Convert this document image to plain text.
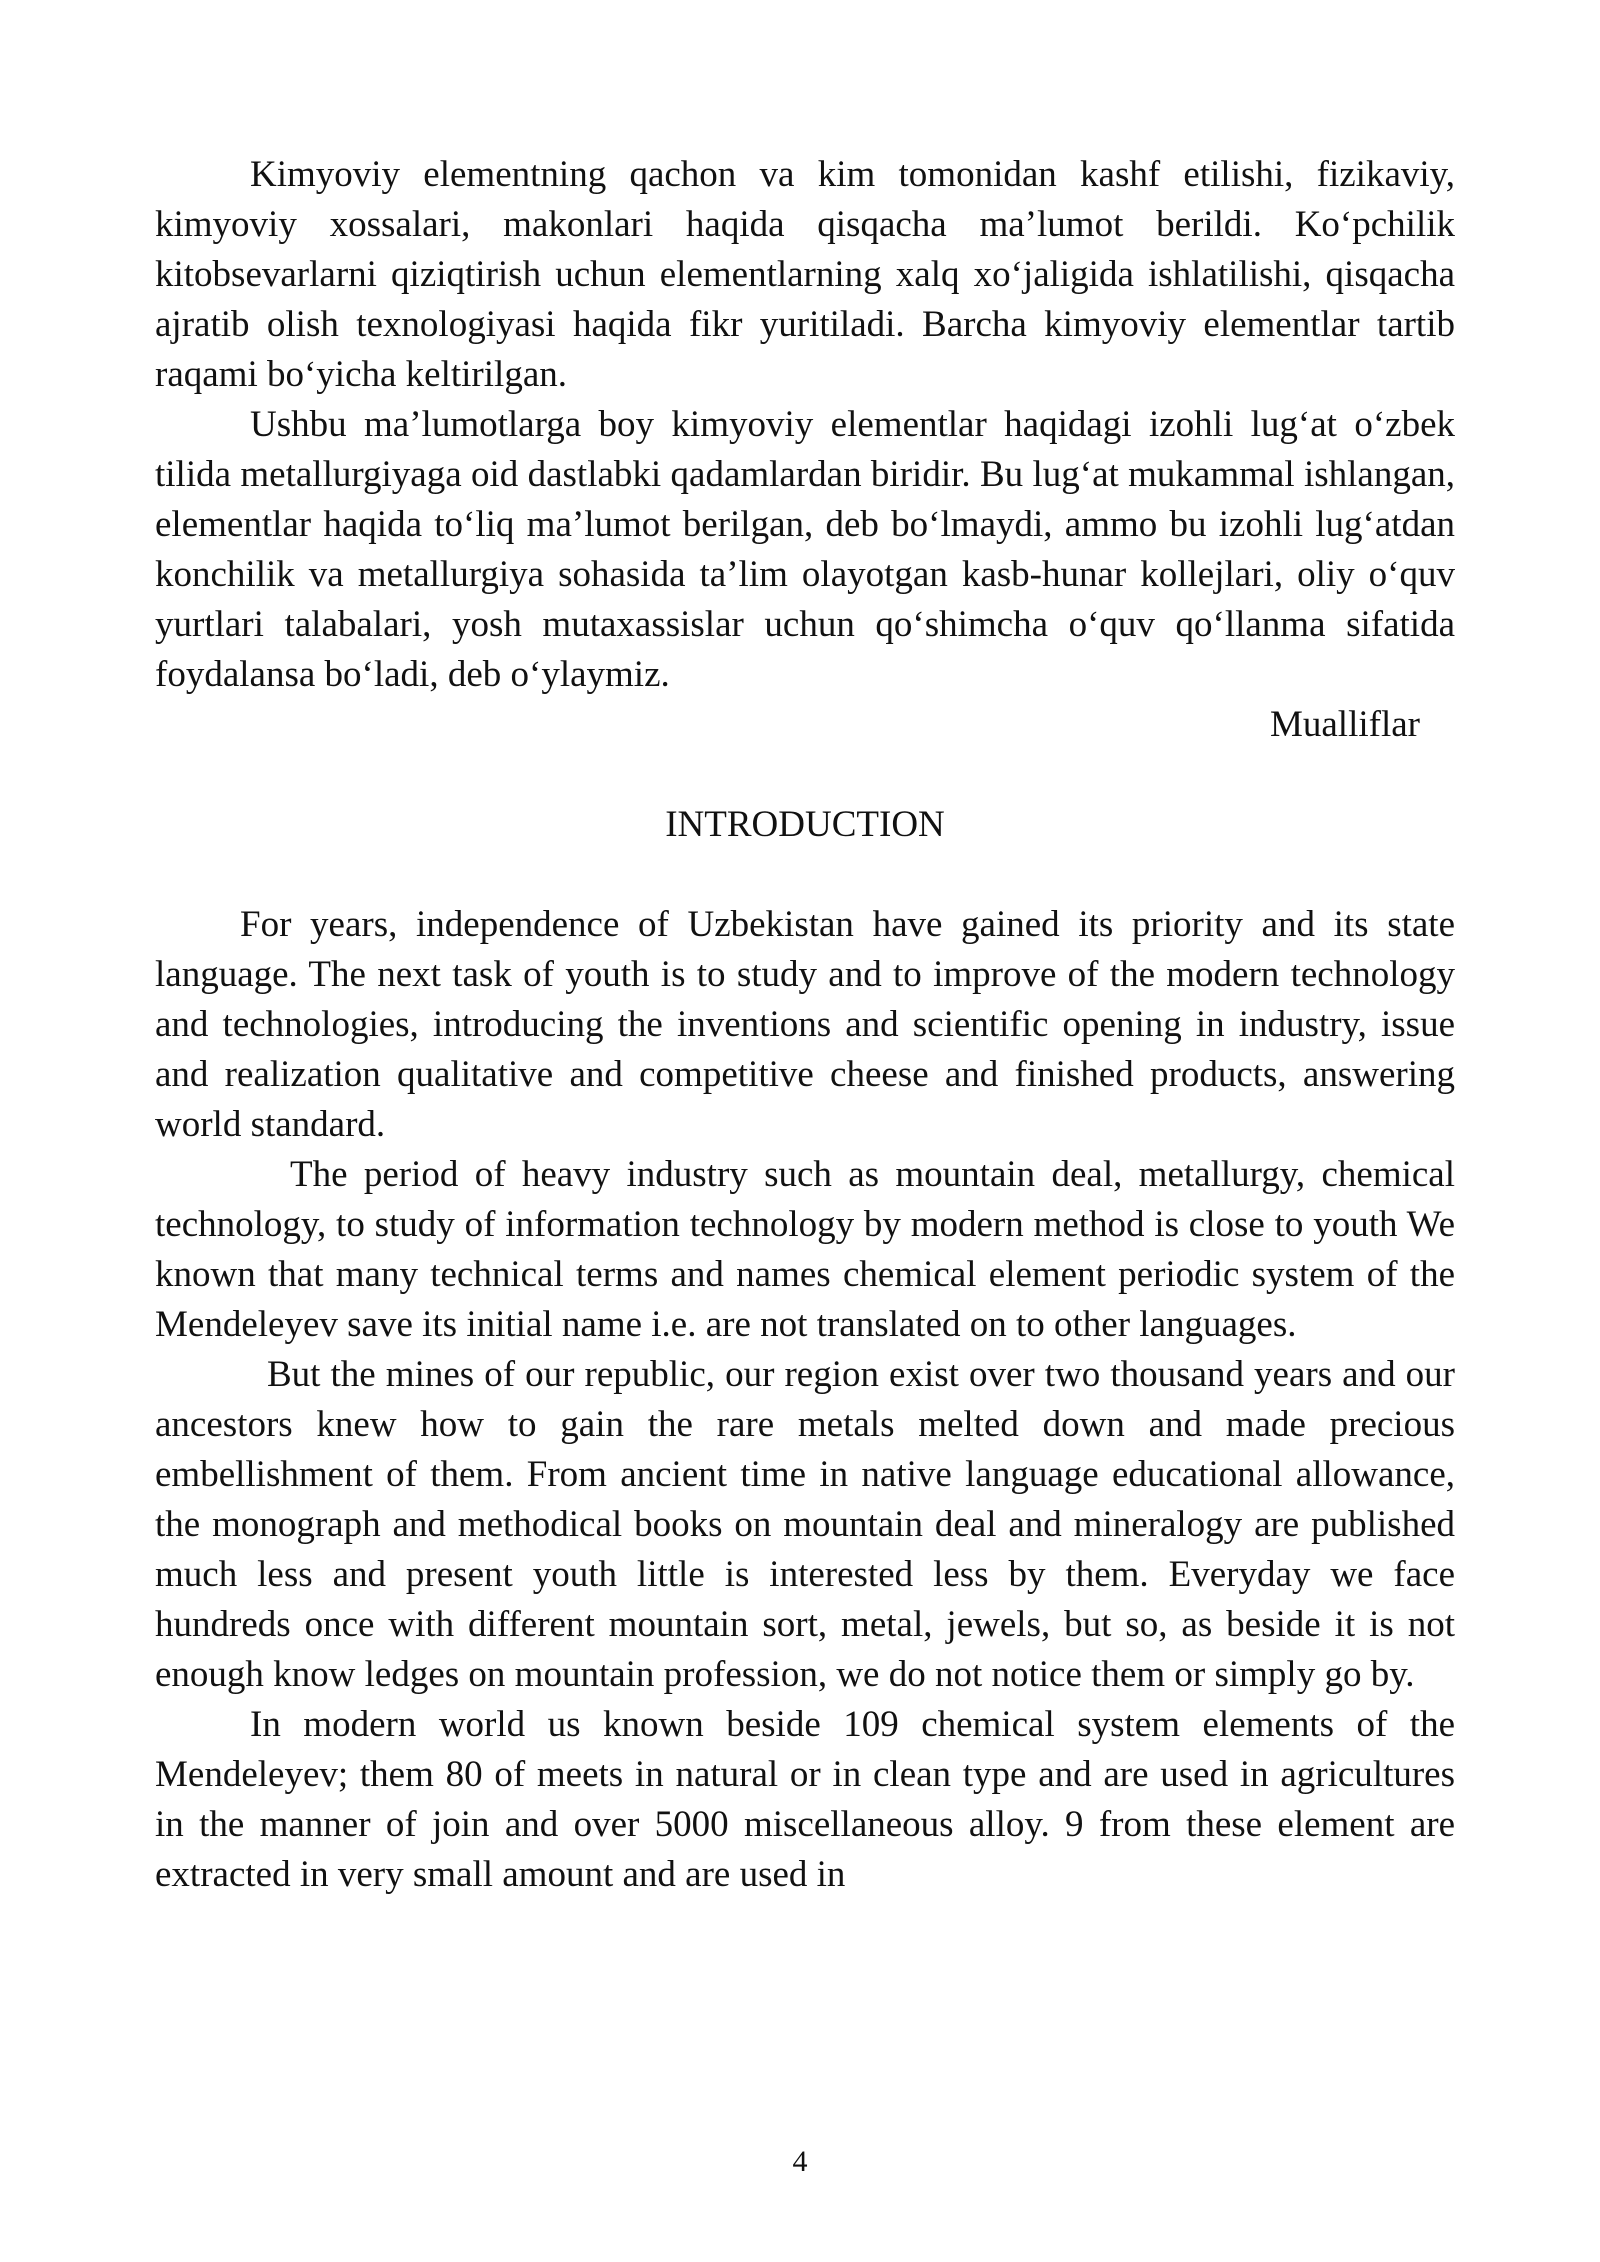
Kimyoviy elementning qachon va kim tomonidan kashf etilishi, fizikaviy, kimyoviy xossalari, makonlari haqida qisqacha ma’lumot berildi. Ko‘pchilik kitobsevarlarni qiziqtirish uchun elementlarning xalq xo‘jaligida ishlatilishi, qisqacha ajratib olish texnologiyasi haqida fikr yuritiladi. Barcha kimyoviy elementlar tartib raqami bo‘yicha keltirilgan.

Ushbu ma’lumotlarga boy kimyoviy elementlar haqidagi izohli lug‘at o‘zbek tilida metallurgiyaga oid dastlabki qadamlardan biridir. Bu lug‘at mukammal ishlangan, elementlar haqida to‘liq ma’lumot berilgan, deb bo‘lmaydi, ammo bu izohli lug‘atdan konchilik va metallurgiya sohasida ta’lim olayotgan kasb-hunar kollejlari, oliy o‘quv yurtlari talabalari, yosh mutaxassislar uchun qo‘shimcha o‘quv qo‘llanma sifatida foydalansa bo‘ladi, deb o‘ylaymiz.

Mualliflar

INTRODUCTION

For years, independence of Uzbekistan have gained its priority and its state language. The next task of youth is to study and to improve of the modern technology and technologies, introducing the inventions and scientific opening in industry, issue and realization qualitative and competitive cheese and finished products, answering world standard.

The period of heavy industry such as mountain deal, metallurgy, chemical technology, to study of information technology by modern method is close to youth We known that many technical terms and names chemical element periodic system of the Mendeleyev save its initial name i.e. are not translated on to other languages.

But the mines of our republic, our region exist over two thousand years and our ancestors knew how to gain the rare metals melted down and made precious embellishment of them. From ancient time in native language educational allowance, the monograph and methodical books on mountain deal and mineralogy are published much less and present youth little is interested less by them. Everyday we face hundreds once with different mountain sort, metal, jewels, but so, as beside it is not enough know ledges on mountain profession, we do not notice them or simply go by.

In modern world us known beside 109 chemical system elements of the Mendeleyev; them 80 of meets in natural or in clean type and are used in agricultures in the manner of join and over 5000 miscellaneous alloy. 9 from these element are extracted in very small amount and are used in

4
